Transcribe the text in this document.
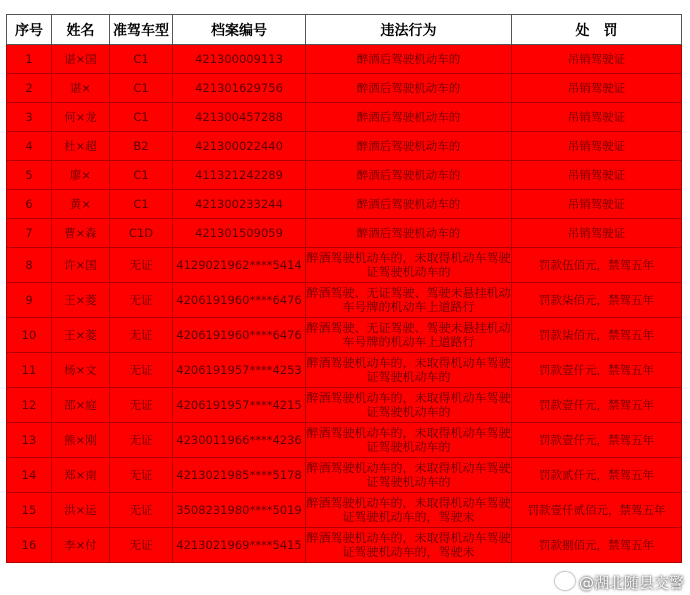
序号	姓名	准驾车型	档案编号	违法行为	处　罚
1	谌×国	C1	421300009113	醉酒后驾驶机动车的	吊销驾驶证
2	谌×	C1	421301629756	醉酒后驾驶机动车的	吊销驾驶证
3	何×龙	C1	421300457288	醉酒后驾驶机动车的	吊销驾驶证
4	杜×超	B2	421300022440	醉酒后驾驶机动车的	吊销驾驶证
5	廖×	C1	411321242289	醉酒后驾驶机动车的	吊销驾驶证
6	黄×	C1	421300233244	醉酒后驾驶机动车的	吊销驾驶证
7	曹×森	C1D	421301509059	醉酒后驾驶机动车的	吊销驾驶证
8	许×国	无证	4129021962****5414	醉酒驾驶机动车的，未取得机动车驾驶证驾驶机动车的	罚款伍佰元，禁驾五年
9	王×菱	无证	4206191960****6476	醉酒驾驶、无证驾驶、驾驶未悬挂机动车号牌的机动车上道路行	罚款柒佰元，禁驾五年
10	王×菱	无证	4206191960****6476	醉酒驾驶、无证驾驶、驾驶未悬挂机动车号牌的机动车上道路行	罚款柒佰元，禁驾五年
11	杨×文	无证	4206191957****4253	醉酒驾驶机动车的，未取得机动车驾驶证驾驶机动车的	罚款壹仟元，禁驾五年
12	邵×庭	无证	4206191957****4215	醉酒驾驶机动车的，未取得机动车驾驶证驾驶机动车的	罚款壹仟元，禁驾五年
13	熊×刚	无证	4230011966****4236	醉酒驾驶机动车的，未取得机动车驾驶证驾驶机动车的	罚款壹仟元，禁驾五年
14	郑×南	无证	4213021985****5178	醉酒驾驶机动车的，未取得机动车驾驶证驾驶机动车的	罚款贰仟元，禁驾五年
15	洪×运	无证	3508231980****5019	醉酒驾驶机动车的，未取得机动车驾驶证驾驶机动车的，驾驶未	罚款壹仟贰佰元，禁驾五年
16	李×付	无证	4213021969****5415	醉酒驾驶机动车的，未取得机动车驾驶证驾驶机动车的，驾驶未	罚款捌佰元，禁驾五年
@湖北随县交警
